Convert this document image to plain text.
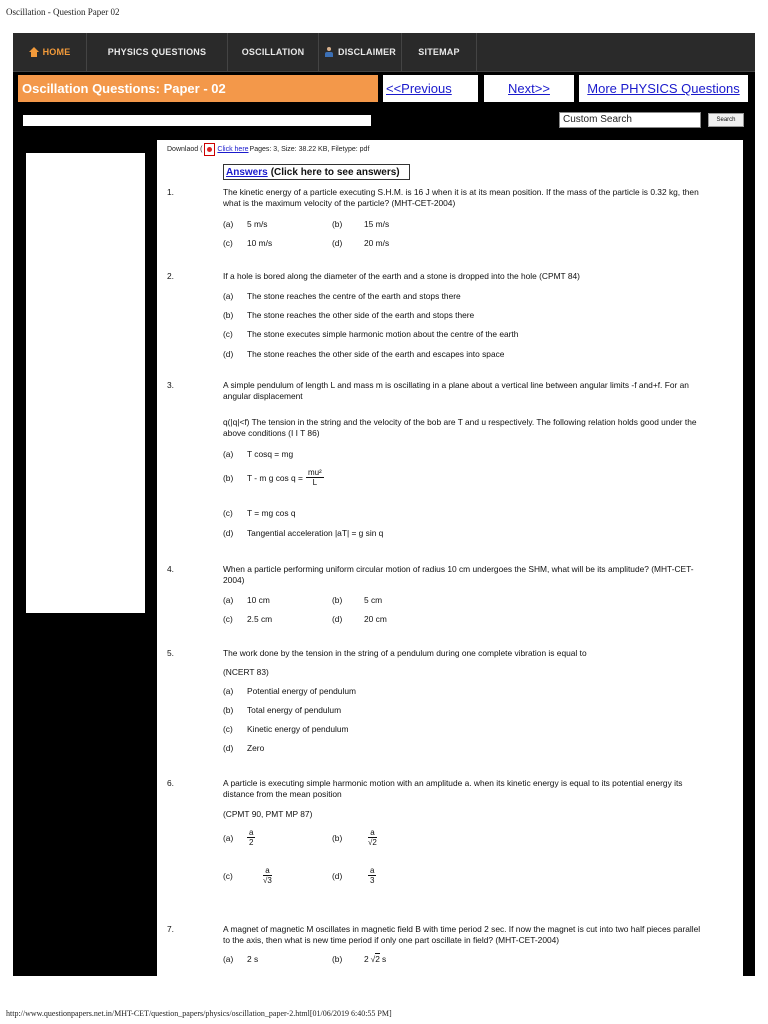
Oscillation - Question Paper 02
HOME	PHYSICS QUESTIONS	OSCILLATION	DISCLAIMER SITEMAP
Oscillation Questions: Paper - 02	<<Previous	Next>>	More PHYSICS Questions
Custom Search	Search
Downlaod ( Click here Pages: 3, Size: 38.22 KB, Filetype: pdf
Answers (Click here to see answers)
1.	The kinetic energy of a particle executing S.H.M. is 16 J when it is at its mean position. If the mass of the particle is 0.32 kg, then what is the maximum velocity of the particle? (MHT-CET-2004)
(a)	5 m/s	(b)	15 m/s
(c)	10 m/s	(d)	20 m/s
2.	If a hole is bored along the diameter of the earth and a stone is dropped into the hole (CPMT 84)
(a)	The stone reaches the centre of the earth and stops there
(b)	The stone reaches the other side of the earth and stops there
(c)	The stone executes simple harmonic motion about the centre of the earth
(d)	The stone reaches the other side of the earth and escapes into space
3.	A simple pendulum of length L and mass m is oscillating in a plane about a vertical line between angular limits -f and+f. For an angular displacement
q(|q|<f) The tension in the string and the velocity of the bob are T and u respectively. The following relation holds good under the above conditions (I I T 86)
(a)	T cosq = mg
(b)	T - m g $\cos q = \frac{\text{mu²}}{L}$
(c)	T = mg cos q
(d)	Tangential acceleration |aT| = g sin q
4.	When a particle performing uniform circular motion of radius 10 cm undergoes the SHM, what will be its amplitude? (MHT-CET-2004)
(a)	10 cm	(b)	5 cm
(c)	2.5 cm	(d)	20 cm
5.	The work done by the tension in the string of a pendulum during one complete vibration is equal to
(NCERT 83)
(a)	Potential energy of pendulum
(b)	Total energy of pendulum
(c)	Kinetic energy of pendulum
(d)	Zero
6.	A particle is executing simple harmonic motion with an amplitude a. when its kinetic energy is equal to its potential energy its distance from the mean position
(CPMT 90, PMT MP 87)
(a)	$\frac{a}{2}$	(b)	$\frac{a}{√2}$
(c)	$\frac{a}{√3}$	(d)	$\frac{a}{3}$
7.	A magnet of magnetic M oscillates in magnetic field B with time period 2 sec. If now the magnet is cut into two half pieces parallel to the axis, then what is new time period if only one part oscillate in field? (MHT-CET-2004)
(a)	2 s	(b)	2 √2 s
http://www.questionpapers.net.in/MHT-CET/question_papers/physics/oscillation_paper-2.html[01/06/2019 6:40:55 PM]
